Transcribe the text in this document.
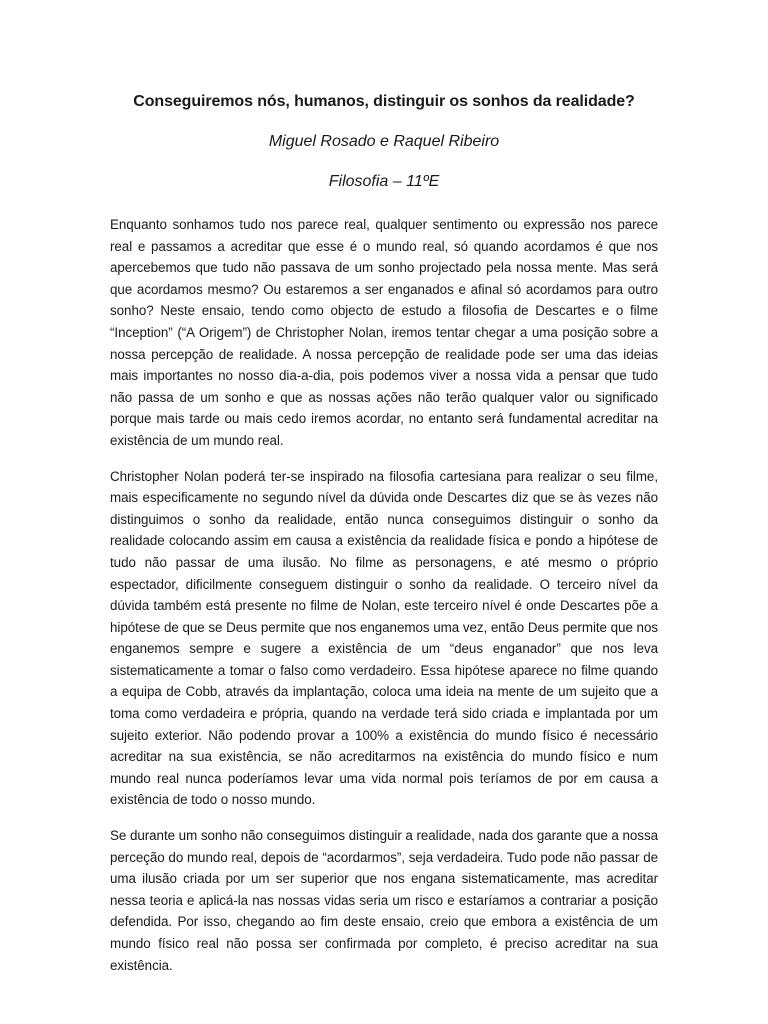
Conseguiremos nós, humanos, distinguir os sonhos da realidade?

Miguel Rosado e Raquel Ribeiro

Filosofia – 11ºE

Enquanto sonhamos tudo nos parece real, qualquer sentimento ou expressão nos parece real e passamos a acreditar que esse é o mundo real, só quando acordamos é que nos apercebemos que tudo não passava de um sonho projectado pela nossa mente. Mas será que acordamos mesmo? Ou estaremos a ser enganados e afinal só acordamos para outro sonho? Neste ensaio, tendo como objecto de estudo a filosofia de Descartes e o filme “Inception” (“A Origem”) de Christopher Nolan, iremos tentar chegar a uma posição sobre a nossa percepção de realidade. A nossa percepção de realidade pode ser uma das ideias mais importantes no nosso dia-a-dia, pois podemos viver a nossa vida a pensar que tudo não passa de um sonho e que as nossas ações não terão qualquer valor ou significado porque mais tarde ou mais cedo iremos acordar, no entanto será fundamental acreditar na existência de um mundo real.

Christopher Nolan poderá ter-se inspirado na filosofia cartesiana para realizar o seu filme, mais especificamente no segundo nível da dúvida onde Descartes diz que se às vezes não distinguimos o sonho da realidade, então nunca conseguimos distinguir o sonho da realidade colocando assim em causa a existência da realidade física e pondo a hipótese de tudo não passar de uma ilusão. No filme as personagens, e até mesmo o próprio espectador, dificilmente conseguem distinguir o sonho da realidade. O terceiro nível da dúvida também está presente no filme de Nolan, este terceiro nível é onde Descartes põe a hipótese de que se Deus permite que nos enganemos uma vez, então Deus permite que nos enganemos sempre e sugere a existência de um “deus enganador” que nos leva sistematicamente a tomar o falso como verdadeiro. Essa hipótese aparece no filme quando a equipa de Cobb, através da implantação, coloca uma ideia na mente de um sujeito que a toma como verdadeira e própria, quando na verdade terá sido criada e implantada por um sujeito exterior. Não podendo provar a 100% a existência do mundo físico é necessário acreditar na sua existência, se não acreditarmos na existência do mundo físico e num mundo real nunca poderíamos levar uma vida normal pois teríamos de por em causa a existência de todo o nosso mundo.

Se durante um sonho não conseguimos distinguir a realidade, nada dos garante que a nossa perceção do mundo real, depois de “acordarmos”, seja verdadeira. Tudo pode não passar de uma ilusão criada por um ser superior que nos engana sistematicamente, mas acreditar nessa teoria e aplicá-la nas nossas vidas seria um risco e estaríamos a contrariar a posição defendida. Por isso, chegando ao fim deste ensaio, creio que embora a existência de um mundo físico real não possa ser confirmada por completo, é preciso acreditar na sua existência.
